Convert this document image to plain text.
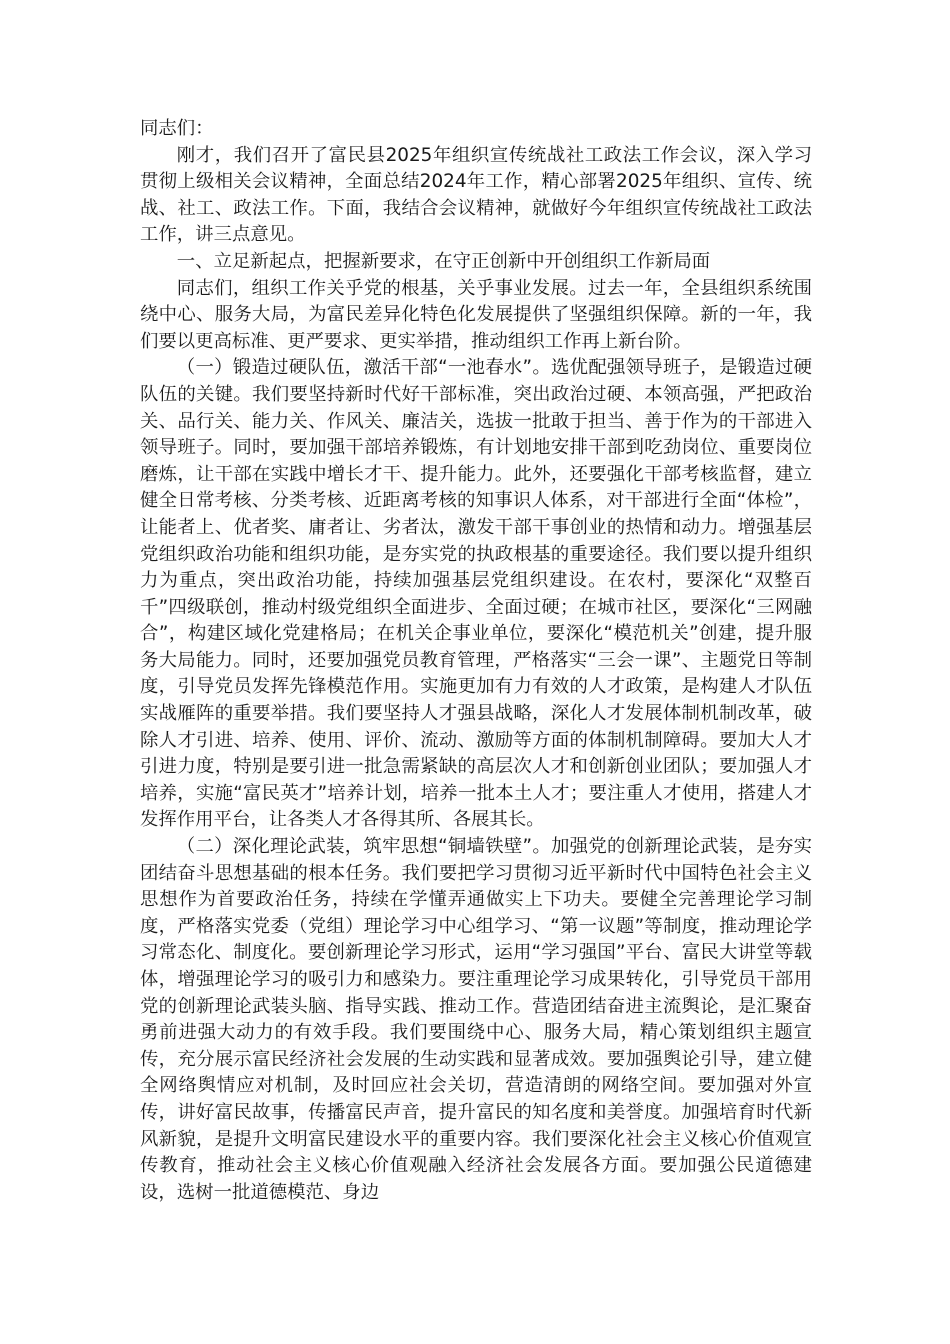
同志们：

刚才，我们召开了富民县2025年组织宣传统战社工政法工作会议，深入学习贯彻上级相关会议精神，全面总结2024年工作，精心部署2025年组织、宣传、统战、社工、政法工作。下面，我结合会议精神，就做好今年组织宣传统战社工政法工作，讲三点意见。

一、立足新起点，把握新要求，在守正创新中开创组织工作新局面

同志们，组织工作关乎党的根基，关乎事业发展。过去一年，全县组织系统围绕中心、服务大局，为富民差异化特色化发展提供了坚强组织保障。新的一年，我们要以更高标准、更严要求、更实举措，推动组织工作再上新台阶。

（一）锻造过硬队伍，激活干部“一池春水”。选优配强领导班子，是锻造过硬队伍的关键。我们要坚持新时代好干部标准，突出政治过硬、本领高强，严把政治关、品行关、能力关、作风关、廉洁关，选拔一批敢于担当、善于作为的干部进入领导班子。同时，要加强干部培养锻炼，有计划地安排干部到吃劲岗位、重要岗位磨炼，让干部在实践中增长才干、提升能力。此外，还要强化干部考核监督，建立健全日常考核、分类考核、近距离考核的知事识人体系，对干部进行全面“体检”，让能者上、优者奖、庸者让、劣者汰，激发干部干事创业的热情和动力。增强基层党组织政治功能和组织功能，是夯实党的执政根基的重要途径。我们要以提升组织力为重点，突出政治功能，持续加强基层党组织建设。在农村，要深化“双整百千”四级联创，推动村级党组织全面进步、全面过硬；在城市社区，要深化“三网融合”，构建区域化党建格局；在机关企事业单位，要深化“模范机关”创建，提升服务大局能力。同时，还要加强党员教育管理，严格落实“三会一课”、主题党日等制度，引导党员发挥先锋模范作用。实施更加有力有效的人才政策，是构建人才队伍实战雁阵的重要举措。我们要坚持人才强县战略，深化人才发展体制机制改革，破除人才引进、培养、使用、评价、流动、激励等方面的体制机制障碍。要加大人才引进力度，特别是要引进一批急需紧缺的高层次人才和创新创业团队；要加强人才培养，实施“富民英才”培养计划，培养一批本土人才；要注重人才使用，搭建人才发挥作用平台，让各类人才各得其所、各展其长。

（二）深化理论武装，筑牢思想“铜墙铁壁”。加强党的创新理论武装，是夯实团结奋斗思想基础的根本任务。我们要把学习贯彻习近平新时代中国特色社会主义思想作为首要政治任务，持续在学懂弄通做实上下功夫。要健全完善理论学习制度，严格落实党委（党组）理论学习中心组学习、“第一议题”等制度，推动理论学习常态化、制度化。要创新理论学习形式，运用“学习强国”平台、富民大讲堂等载体，增强理论学习的吸引力和感染力。要注重理论学习成果转化，引导党员干部用党的创新理论武装头脑、指导实践、推动工作。营造团结奋进主流舆论，是汇聚奋勇前进强大动力的有效手段。我们要围绕中心、服务大局，精心策划组织主题宣传，充分展示富民经济社会发展的生动实践和显著成效。要加强舆论引导，建立健全网络舆情应对机制，及时回应社会关切，营造清朗的网络空间。要加强对外宣传，讲好富民故事，传播富民声音，提升富民的知名度和美誉度。加强培育时代新风新貌，是提升文明富民建设水平的重要内容。我们要深化社会主义核心价值观宣传教育，推动社会主义核心价值观融入经济社会发展各方面。要加强公民道德建设，选树一批道德模范、身边
